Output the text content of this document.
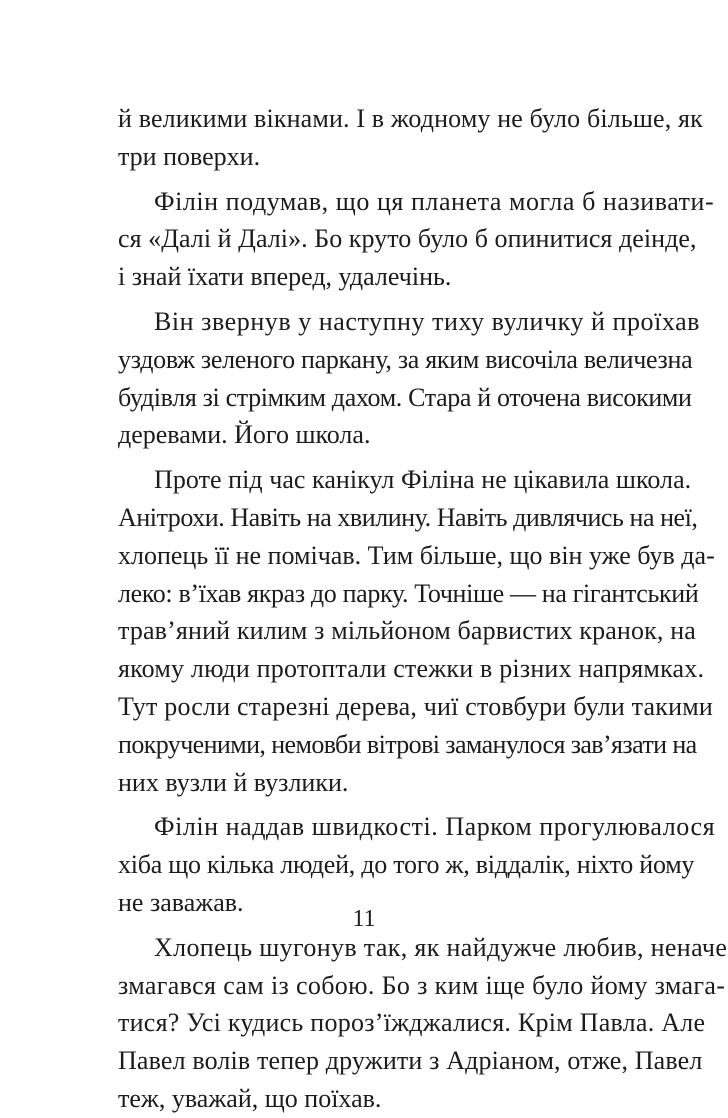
й великими вікнами. І в жодному не було більше, як
три поверхи.
Філін подумав, що ця планета могла б називати-
ся «Далі й Далі». Бо круто було б опинитися деінде,
і знай їхати вперед, удалечінь.
Він звернув у наступну тиху вуличку й проїхав
уздовж зеленого паркану, за яким височіла величезна
будівля зі стрімким дахом. Стара й оточена високими
деревами. Його школа.
Проте під час канікул Філіна не цікавила школа.
Анітрохи. Навіть на хвилину. Навіть дивлячись на неї,
хлопець її не помічав. Тим більше, що він уже був да-
леко: в’їхав якраз до парку. Точніше — на гігантський
трав’яний килим з мільйоном барвистих кранок, на
якому люди протоптали стежки в різних напрямках.
Тут росли старезні дерева, чиї стовбури були такими
покрученими, немовби вітрові заманулося зав’язати на
них вузли й вузлики.
Філін наддав швидкості. Парком прогулювалося
хіба що кілька людей, до того ж, віддалік, ніхто йому
не заважав.
Хлопець шугонув так, як найдужче любив, неначе
змагався сам із собою. Бо з ким іще було йому змага-
тися? Усі кудись порозʼїжджалися. Крім Павла. Але
Павел волів тепер дружити з Адріаном, отже, Павел
теж, уважай, що поїхав.
11
